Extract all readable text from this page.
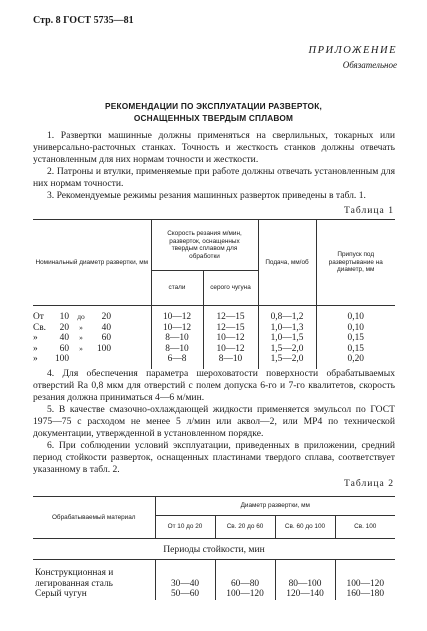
Стр. 8 ГОСТ 5735—81
ПРИЛОЖЕНИЕ
Обязательное
РЕКОМЕНДАЦИИ ПО ЭКСПЛУАТАЦИИ РАЗВЕРТОК,
ОСНАЩЕННЫХ ТВЕРДЫМ СПЛАВОМ

1. Развертки машинные должны применяться на сверлильных, токарных или универсально-расточных станках. Точность и жесткость станков должны отвечать установленным для них нормам точности и жесткости.

2. Патроны и втулки, применяемые при работе должны отвечать установленным для них нормам точности.

3. Рекомендуемые режимы резания машинных разверток приведены в табл. 1.

Таблица 1
Номинальный диаметр развертки, мм	Скорость резания м/мин, разверток, оснащенных твердым сплавом для обработки		Подача, мм/об	Припуск под развертывание на диаметр, мм
	стали	серого чугуна		

От 10 до 20	10—12	12—15	0,8—1,2	0,10
Св. 20 » 40	10—12	12—15	1,0—1,3	0,10
» 40 » 60	8—10	10—12	1,0—1,5	0,15
» 60 » 100	8—10	10—12	1,5—2,0	0,15
» 100	6—8	8—10	1,5—2,0	0,20

4. Для обеспечения параметра шероховатости поверхности обрабатываемых отверстий Ra 0,8 мкм для отверстий с полем допуска 6-го и 7-го квалитетов, скорость резания должна приниматься 4—6 м/мин.

5. В качестве смазочно-охлаждающей жидкости применяется эмульсол по ГОСТ 1975—75 с расходом не менее 5 л/мин или аквол—2, или МР4 по технической документации, утвержденной в установленном порядке.

6. При соблюдении условий эксплуатации, приведенных в приложении, средний период стойкости разверток, оснащенных пластинами твердого сплава, соответствует указанному в табл. 2.

Таблица 2
Обрабатываемый материал	Диаметр развертки, мм			
	От 10 до 20	Св. 20 до 60	Св. 60 до 100	Св. 100
Периоды стойкости, мин				
Конструкционная и легированная сталь	30—40	60—80	80—100	100—120
Серый чугун	50—60	100—120	120—140	160—180
